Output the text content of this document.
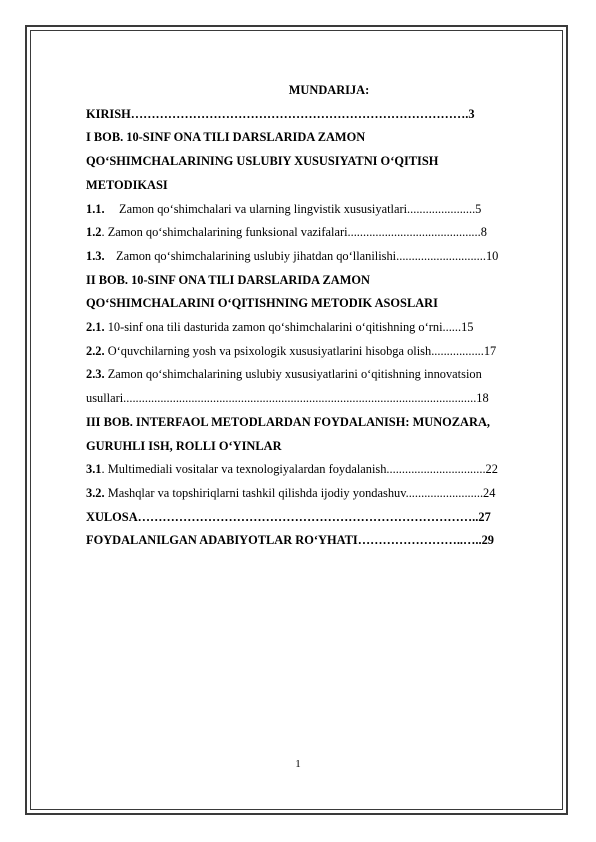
MUNDARIJA:
KIRISH……………………………………………………………………….3
I BOB. 10-SINF ONA TILI DARSLARIDA ZAMON
QO‘SHIMCHALARINING USLUBIY XUSUSIYATNI O‘QITISH
METODIKASI
1.1. Zamon qo‘shimchalari va ularning lingvistik xususiyatlari......................5
1.2. Zamon qo‘shimchalarining funksional vazifalari...........................................8
1.3. Zamon qo‘shimchalarining uslubiy jihatdan qo‘llanilishi.............................10
II BOB. 10-SINF ONA TILI DARSLARIDA ZAMON
QO‘SHIMCHALARINI O‘QITISHNING METODIK ASOSLARI
2.1. 10-sinf ona tili dasturida zamon qo‘shimchalarini o‘qitishning o‘rni......15
2.2. O‘quvchilarning yosh va psixologik xususiyatlarini hisobga olish.................17
2.3. Zamon qo‘shimchalarining uslubiy xususiyatlarini o‘qitishning innovatsion
usullari..................................................................................................................18
III BOB. INTERFAOL METODLARDAN FOYDALANISH: MUNOZARA,
GURUHLI ISH, ROLLI O‘YINLAR
3.1. Multimediali vositalar va texnologiyalardan foydalanish................................22
3.2. Mashqlar va topshiriqlarni tashkil qilishda ijodiy yondashuv.........................24
XULOSA………………………………………………………………………..27
FOYDALANILGAN ADABIYOTLAR RO‘YHATI……………………..…..29
1
